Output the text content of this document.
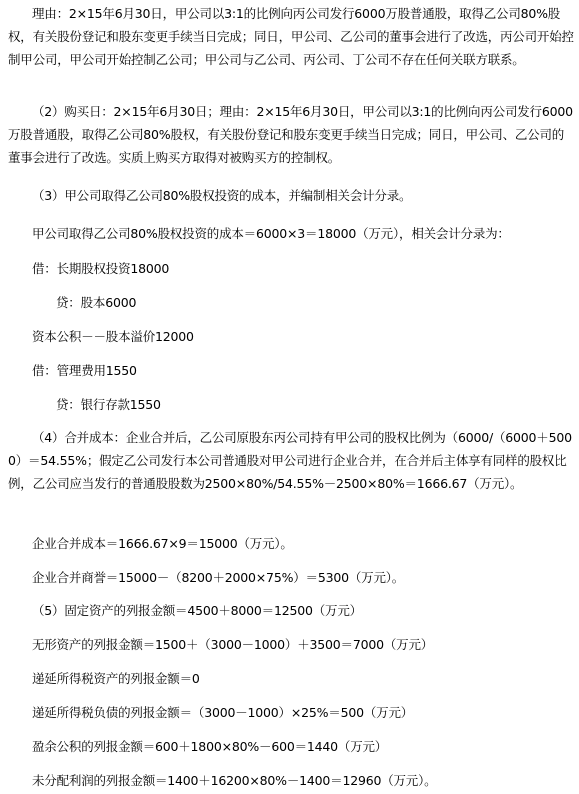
理由：2×15年6月30日，甲公司以3:1的比例向丙公司发行6000万股普通股，取得乙公司80%股权，有关股份登记和股东变更手续当日完成；同日，甲公司、乙公司的董事会进行了改选，丙公司开始控制甲公司，甲公司开始控制乙公司；甲公司与乙公司、丙公司、丁公司不存在任何关联方联系。
（2）购买日：2×15年6月30日；理由：2×15年6月30日，甲公司以3:1的比例向丙公司发行6000万股普通股，取得乙公司80%股权，有关股份登记和股东变更手续当日完成；同日，甲公司、乙公司的董事会进行了改选。实质上购买方取得对被购买方的控制权。
（3）甲公司取得乙公司80%股权投资的成本，并编制相关会计分录。
甲公司取得乙公司80%股权投资的成本＝6000×3＝18000（万元），相关会计分录为：
借：长期股权投资18000
贷：股本6000
资本公积－－股本溢价12000
借：管理费用1550
贷：银行存款1550
（4）合并成本：企业合并后，乙公司原股东丙公司持有甲公司的股权比例为（6000/（6000＋5000）＝54.55%；假定乙公司发行本公司普通股对甲公司进行企业合并，在合并后主体享有同样的股权比例，乙公司应当发行的普通股股数为2500×80%/54.55%－2500×80%＝1666.67（万元）。
企业合并成本＝1666.67×9＝15000（万元）。
企业合并商誉＝15000－（8200＋2000×75%）＝5300（万元）。
（5）固定资产的列报金额＝4500＋8000＝12500（万元）
无形资产的列报金额＝1500＋（3000－1000）＋3500＝7000（万元）
递延所得税资产的列报金额＝0
递延所得税负债的列报金额＝（3000－1000）×25%＝500（万元）
盈余公积的列报金额＝600＋1800×80%－600＝1440（万元）
未分配利润的列报金额＝1400＋16200×80%－1400＝12960（万元）。
